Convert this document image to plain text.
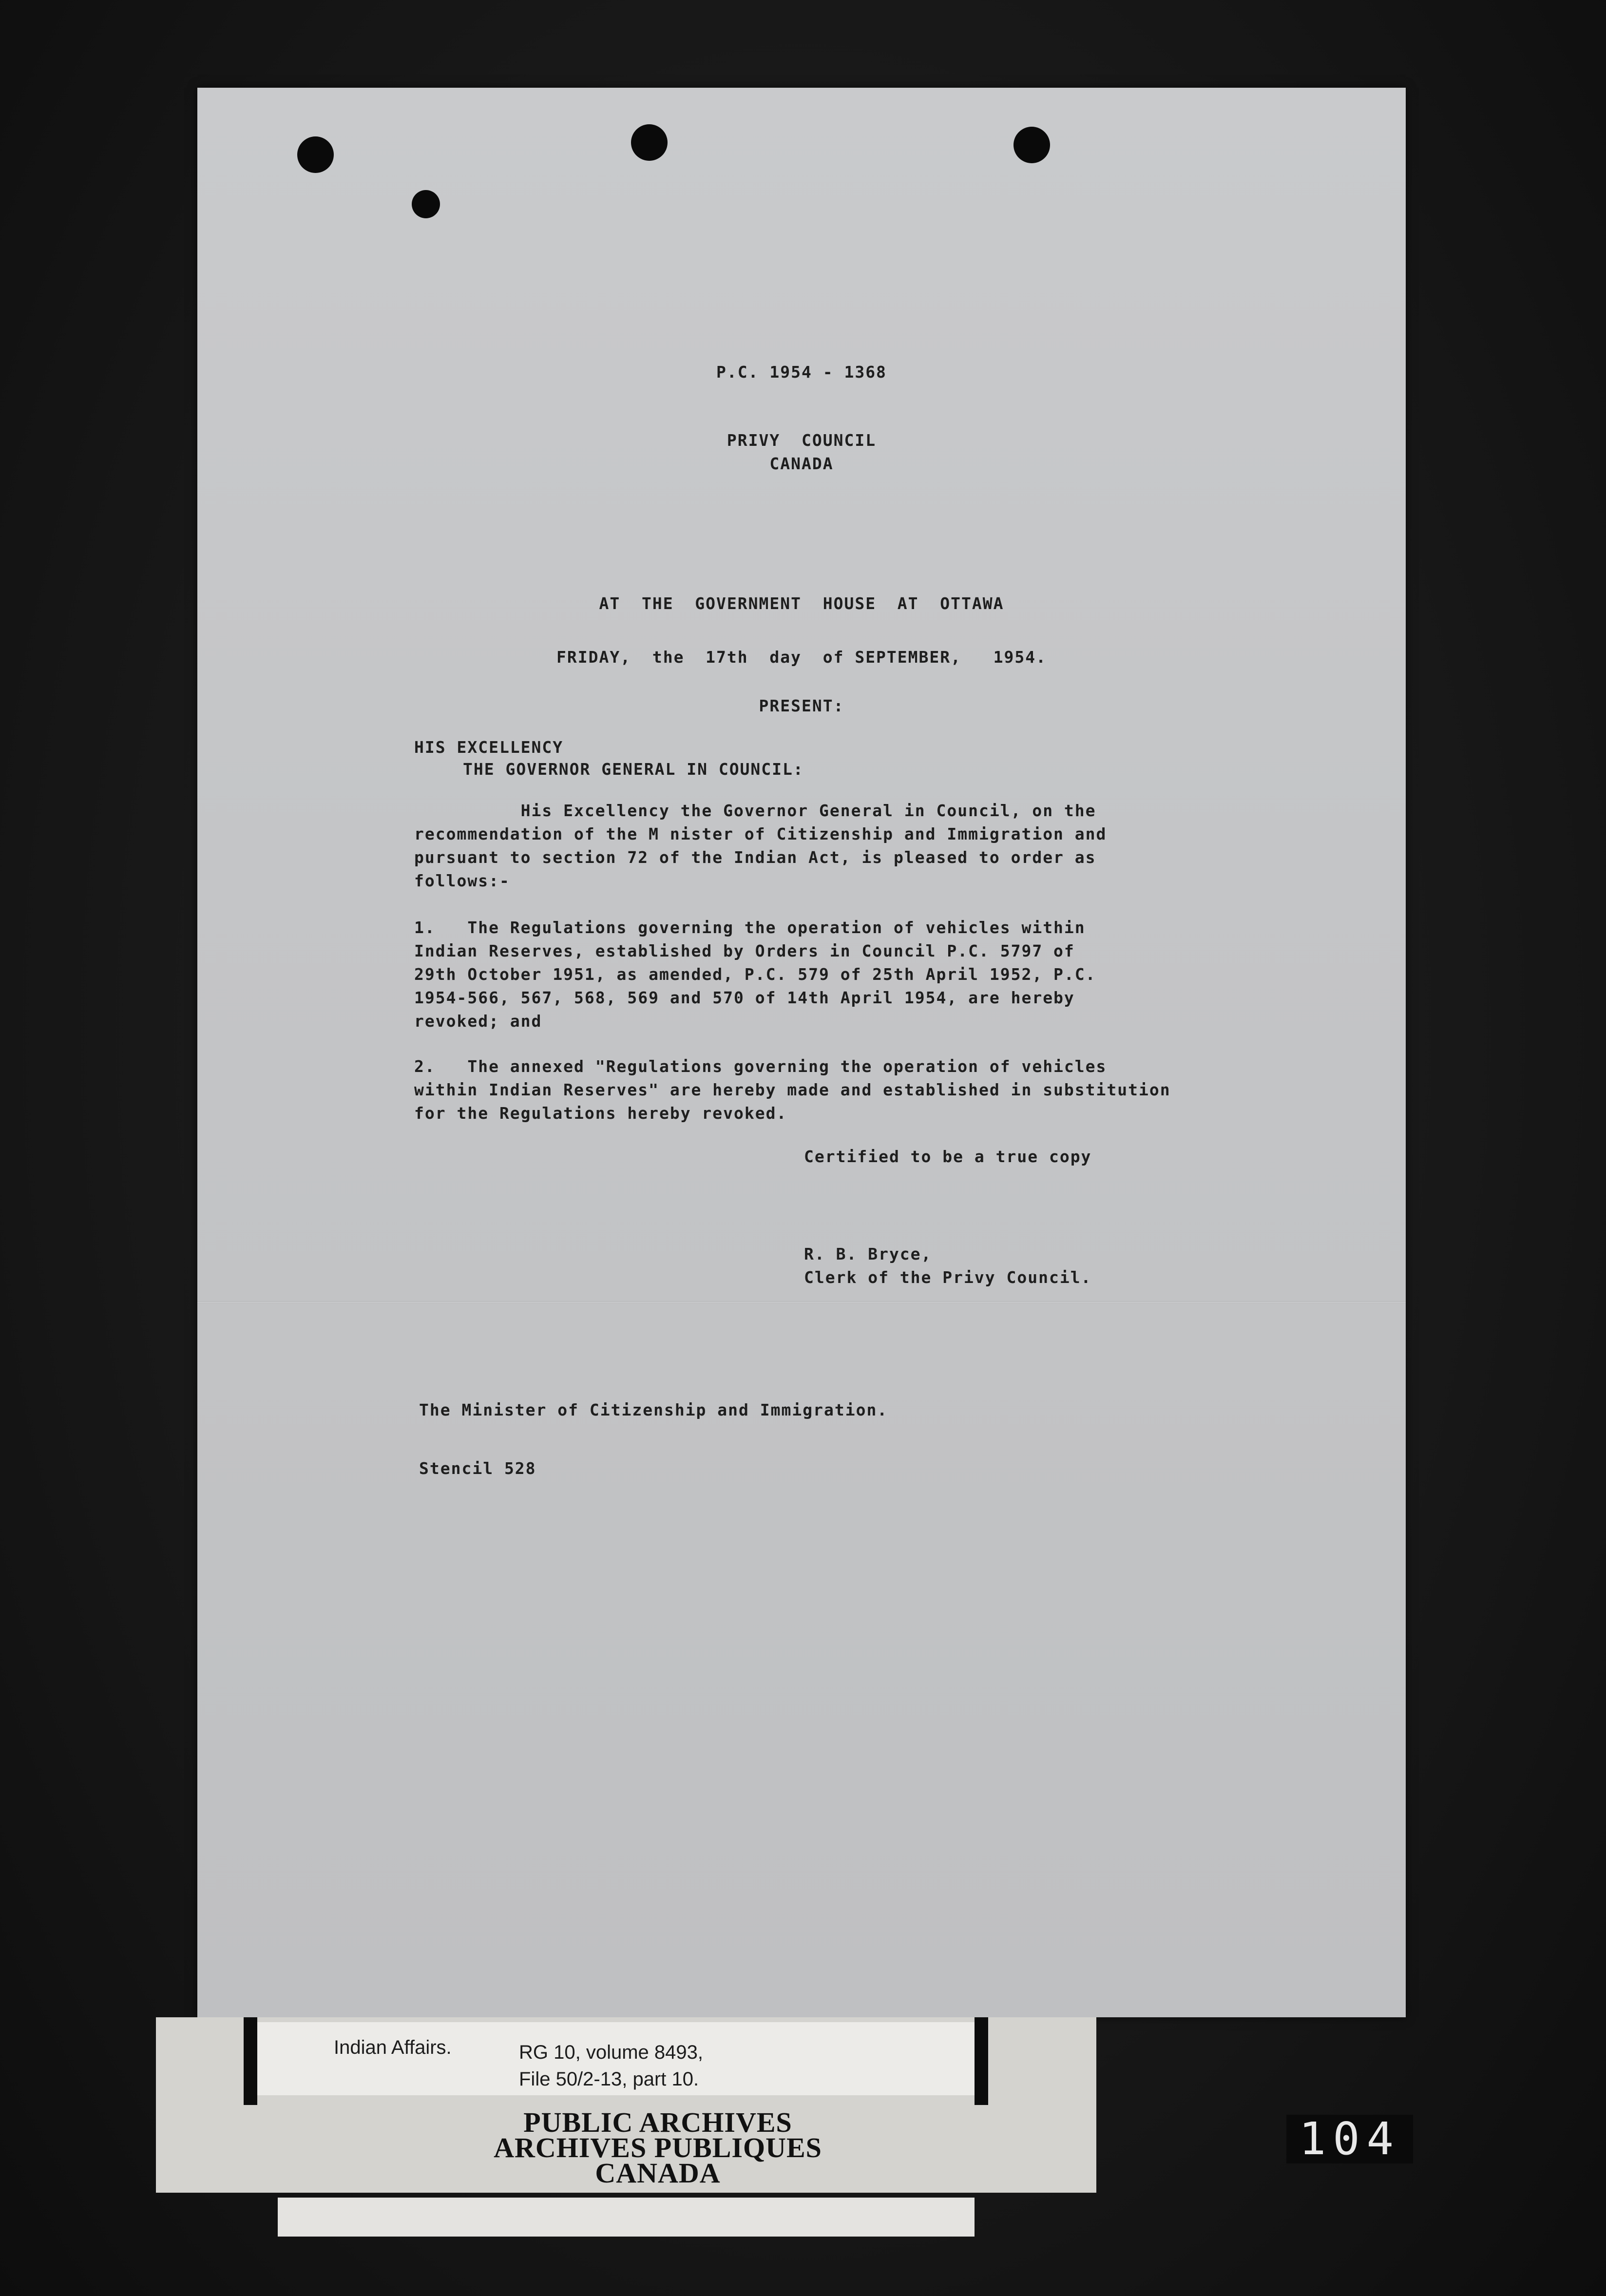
P.C. 1954 - 1368
PRIVY  COUNCIL
CANADA
AT  THE  GOVERNMENT  HOUSE  AT  OTTAWA
FRIDAY,  the  17th  day  of SEPTEMBER,   1954.
PRESENT:
HIS EXCELLENCY
THE GOVERNOR GENERAL IN COUNCIL:
His Excellency the Governor General in Council, on the
recommendation of the M nister of Citizenship and Immigration and
pursuant to section 72 of the Indian Act, is pleased to order as
follows:-
1.   The Regulations governing the operation of vehicles within
Indian Reserves, established by Orders in Council P.C. 5797 of
29th October 1951, as amended, P.C. 579 of 25th April 1952, P.C.
1954-566, 567, 568, 569 and 570 of 14th April 1954, are hereby
revoked; and
2.   The annexed "Regulations governing the operation of vehicles
within Indian Reserves" are hereby made and established in substitution
for the Regulations hereby revoked.
Certified to be a true copy
R. B. Bryce,
Clerk of the Privy Council.
The Minister of Citizenship and Immigration.
Stencil 528
Indian Affairs.	RG 10, volume 8493,
File 50/2-13, part 10.
PUBLIC ARCHIVES
ARCHIVES PUBLIQUES
CANADA
104
